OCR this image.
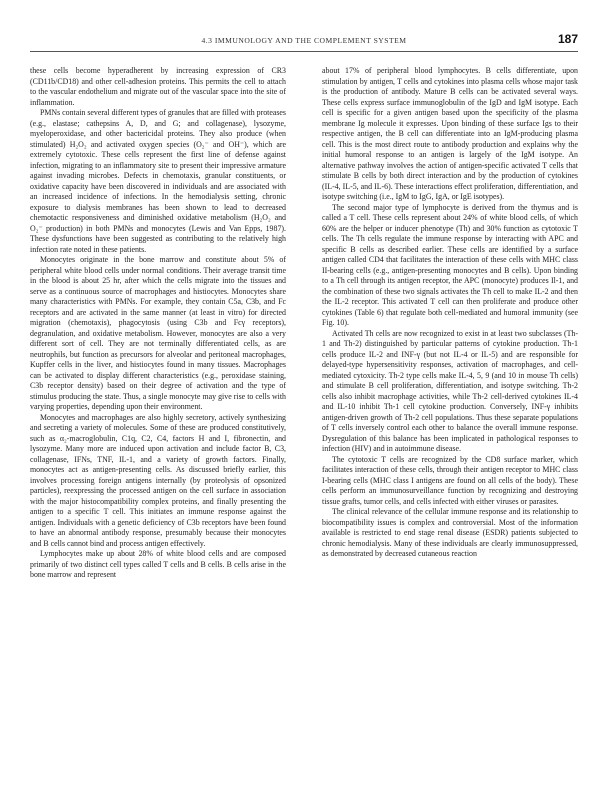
4.3 IMMUNOLOGY AND THE COMPLEMENT SYSTEM	187

these cells become hyperadherent by increasing expression of CR3 (CD11b/CD18) and other cell-adhesion proteins. This permits the cell to attach to the vascular endothelium and migrate out of the vascular space into the site of inflammation.

PMNs contain several different types of granules that are filled with proteases (e.g., elastase; cathepsins A, D, and G; and collagenase), lysozyme, myeloperoxidase, and other bactericidal proteins. They also produce (when stimulated) H₂O₂ and activated oxygen species (O₂⁻ and OH⁻), which are extremely cytotoxic. These cells represent the first line of defense against infection, migrating to an inflammatory site to present their impressive armature against invading microbes. Defects in chemotaxis, granular constituents, or oxidative capacity have been discovered in individuals and are associated with an increased incidence of infections. In the hemodialysis setting, chronic exposure to dialysis membranes has been shown to lead to decreased chemotactic responsiveness and diminished oxidative metabolism (H₂O₂ and O₂⁻ production) in both PMNs and monocytes (Lewis and Van Epps, 1987). These dysfunctions have been suggested as contributing to the relatively high infection rate noted in these patients.

Monocytes originate in the bone marrow and constitute about 5% of peripheral white blood cells under normal conditions. Their average transit time in the blood is about 25 hr, after which the cells migrate into the tissues and serve as a continuous source of macrophages and histiocytes. Monocytes share many characteristics with PMNs. For example, they contain C5a, C3b, and Fc receptors and are activated in the same manner (at least in vitro) for directed migration (chemotaxis), phagocytosis (using C3b and Fcγ receptors), degranulation, and oxidative metabolism. However, monocytes are also a very different sort of cell. They are not terminally differentiated cells, as are neutrophils, but function as precursors for alveolar and peritoneal macrophages, Kupffer cells in the liver, and histiocytes found in many tissues. Macrophages can be activated to display different characteristics (e.g., peroxidase staining, C3b receptor density) based on their degree of activation and the type of stimulus producing the state. Thus, a single monocyte may give rise to cells with varying properties, depending upon their environment.

Monocytes and macrophages are also highly secretory, actively synthesizing and secreting a variety of molecules. Some of these are produced constitutively, such as α₂-macroglobulin, C1q, C2, C4, factors H and I, fibronectin, and lysozyme. Many more are induced upon activation and include factor B, C3, collagenase, IFNs, TNF, IL-1, and a variety of growth factors. Finally, monocytes act as antigen-presenting cells. As discussed briefly earlier, this involves processing foreign antigens internally (by proteolysis of opsonized particles), reexpressing the processed antigen on the cell surface in association with the major histocompatibility complex proteins, and finally presenting the antigen to a specific T cell. This initiates an immune response against the antigen. Individuals with a genetic deficiency of C3b receptors have been found to have an abnormal antibody response, presumably because their monocytes and B cells cannot bind and process antigen effectively.

Lymphocytes make up about 28% of white blood cells and are composed primarily of two distinct cell types called T cells and B cells. B cells arise in the bone marrow and represent

about 17% of peripheral blood lymphocytes. B cells differentiate, upon stimulation by antigen, T cells and cytokines into plasma cells whose major task is the production of antibody. Mature B cells can be activated several ways. These cells express surface immunoglobulin of the IgD and IgM isotype. Each cell is specific for a given antigen based upon the specificity of the plasma membrane Ig molecule it expresses. Upon binding of these surface Igs to their respective antigen, the B cell can differentiate into an IgM-producing plasma cell. This is the most direct route to antibody production and explains why the initial humoral response to an antigen is largely of the IgM isotype. An alternative pathway involves the action of antigen-specific activated T cells that stimulate B cells by both direct interaction and by the production of cytokines (IL-4, IL-5, and IL-6). These interactions effect proliferation, differentiation, and isotype switching (i.e., IgM to IgG, IgA, or IgE isotypes).

The second major type of lymphocyte is derived from the thymus and is called a T cell. These cells represent about 24% of white blood cells, of which 60% are the helper or inducer phenotype (Th) and 30% function as cytotoxic T cells. The Th cells regulate the immune response by interacting with APC and specific B cells as described earlier. These cells are identified by a surface antigen called CD4 that facilitates the interaction of these cells with MHC class II-bearing cells (e.g., antigen-presenting monocytes and B cells). Upon binding to a Th cell through its antigen receptor, the APC (monocyte) produces Il-1, and the combination of these two signals activates the Th cell to make IL-2 and then the IL-2 receptor. This activated T cell can then proliferate and produce other cytokines (Table 6) that regulate both cell-mediated and humoral immunity (see Fig. 10).

Activated Th cells are now recognized to exist in at least two subclasses (Th-1 and Th-2) distinguished by particular patterns of cytokine production. Th-1 cells produce IL-2 and INF-γ (but not IL-4 or IL-5) and are responsible for delayed-type hypersensitivity responses, activation of macrophages, and cell-mediated cytoxicity. Th-2 type cells make IL-4, 5, 9 (and 10 in mouse Th cells) and stimulate B cell proliferation, differentiation, and isotype switching. Th-2 cells also inhibit macrophage activities, while Th-2 cell-derived cytokines IL-4 and IL-10 inhibit Th-1 cell cytokine production. Conversely, INF-γ inhibits antigen-driven growth of Th-2 cell populations. Thus these separate populations of T cells inversely control each other to balance the overall immune response. Dysregulation of this balance has been implicated in pathological responses to infection (HIV) and in autoimmune disease.

The cytotoxic T cells are recognized by the CD8 surface marker, which facilitates interaction of these cells, through their antigen receptor to MHC class I-bearing cells (MHC class I antigens are found on all cells of the body). These cells perform an immunosurveillance function by recognizing and destroying tissue grafts, tumor cells, and cells infected with either viruses or parasites.

The clinical relevance of the cellular immune response and its relationship to biocompatibility issues is complex and controversial. Most of the information available is restricted to end stage renal disease (ESDR) patients subjected to chronic hemodialysis. Many of these individuals are clearly immunosuppressed, as demonstrated by decreased cutaneous reaction
